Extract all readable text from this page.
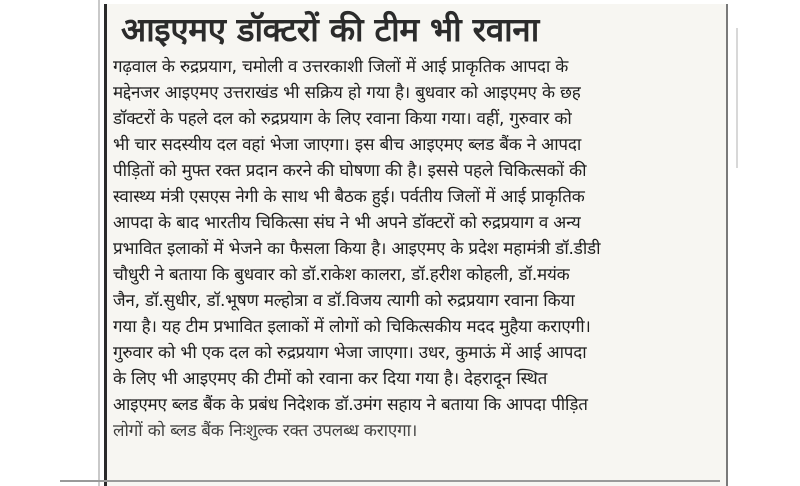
आइएमए डॉक्टरों की टीम भी रवाना
गढ़वाल के रुद्रप्रयाग, चमोली व उत्तरकाशी जिलों में आई प्राकृतिक आपदा के
मद्देनजर आइएमए उत्तराखंड भी सक्रिय हो गया है। बुधवार को आइएमए के छह
डॉक्टरों के पहले दल को रुद्रप्रयाग के लिए रवाना किया गया। वहीं, गुरुवार को
भी चार सदस्यीय दल वहां भेजा जाएगा। इस बीच आइएमए ब्लड बैंक ने आपदा
पीड़ितों को मुफ्त रक्त प्रदान करने की घोषणा की है। इससे पहले चिकित्सकों की
स्वास्थ्य मंत्री एसएस नेगी के साथ भी बैठक हुई। पर्वतीय जिलों में आई प्राकृतिक
आपदा के बाद भारतीय चिकित्सा संघ ने भी अपने डॉक्टरों को रुद्रप्रयाग व अन्य
प्रभावित इलाकों में भेजने का फैसला किया है। आइएमए के प्रदेश महामंत्री डॉ.डीडी
चौधुरी ने बताया कि बुधवार को डॉ.राकेश कालरा, डॉ.हरीश कोहली, डॉ.मयंक
जैन, डॉ.सुधीर, डॉ.भूषण मल्होत्रा व डॉ.विजय त्यागी को रुद्रप्रयाग रवाना किया
गया है। यह टीम प्रभावित इलाकों में लोगों को चिकित्सकीय मदद मुहैया कराएगी।
गुरुवार को भी एक दल को रुद्रप्रयाग भेजा जाएगा। उधर, कुमाऊं में आई आपदा
के लिए भी आइएमए की टीमों को रवाना कर दिया गया है। देहरादून स्थित
आइएमए ब्लड बैंक के प्रबंध निदेशक डॉ.उमंग सहाय ने बताया कि आपदा पीड़ित
लोगों को ब्लड बैंक निःशुल्क रक्त उपलब्ध कराएगा।
